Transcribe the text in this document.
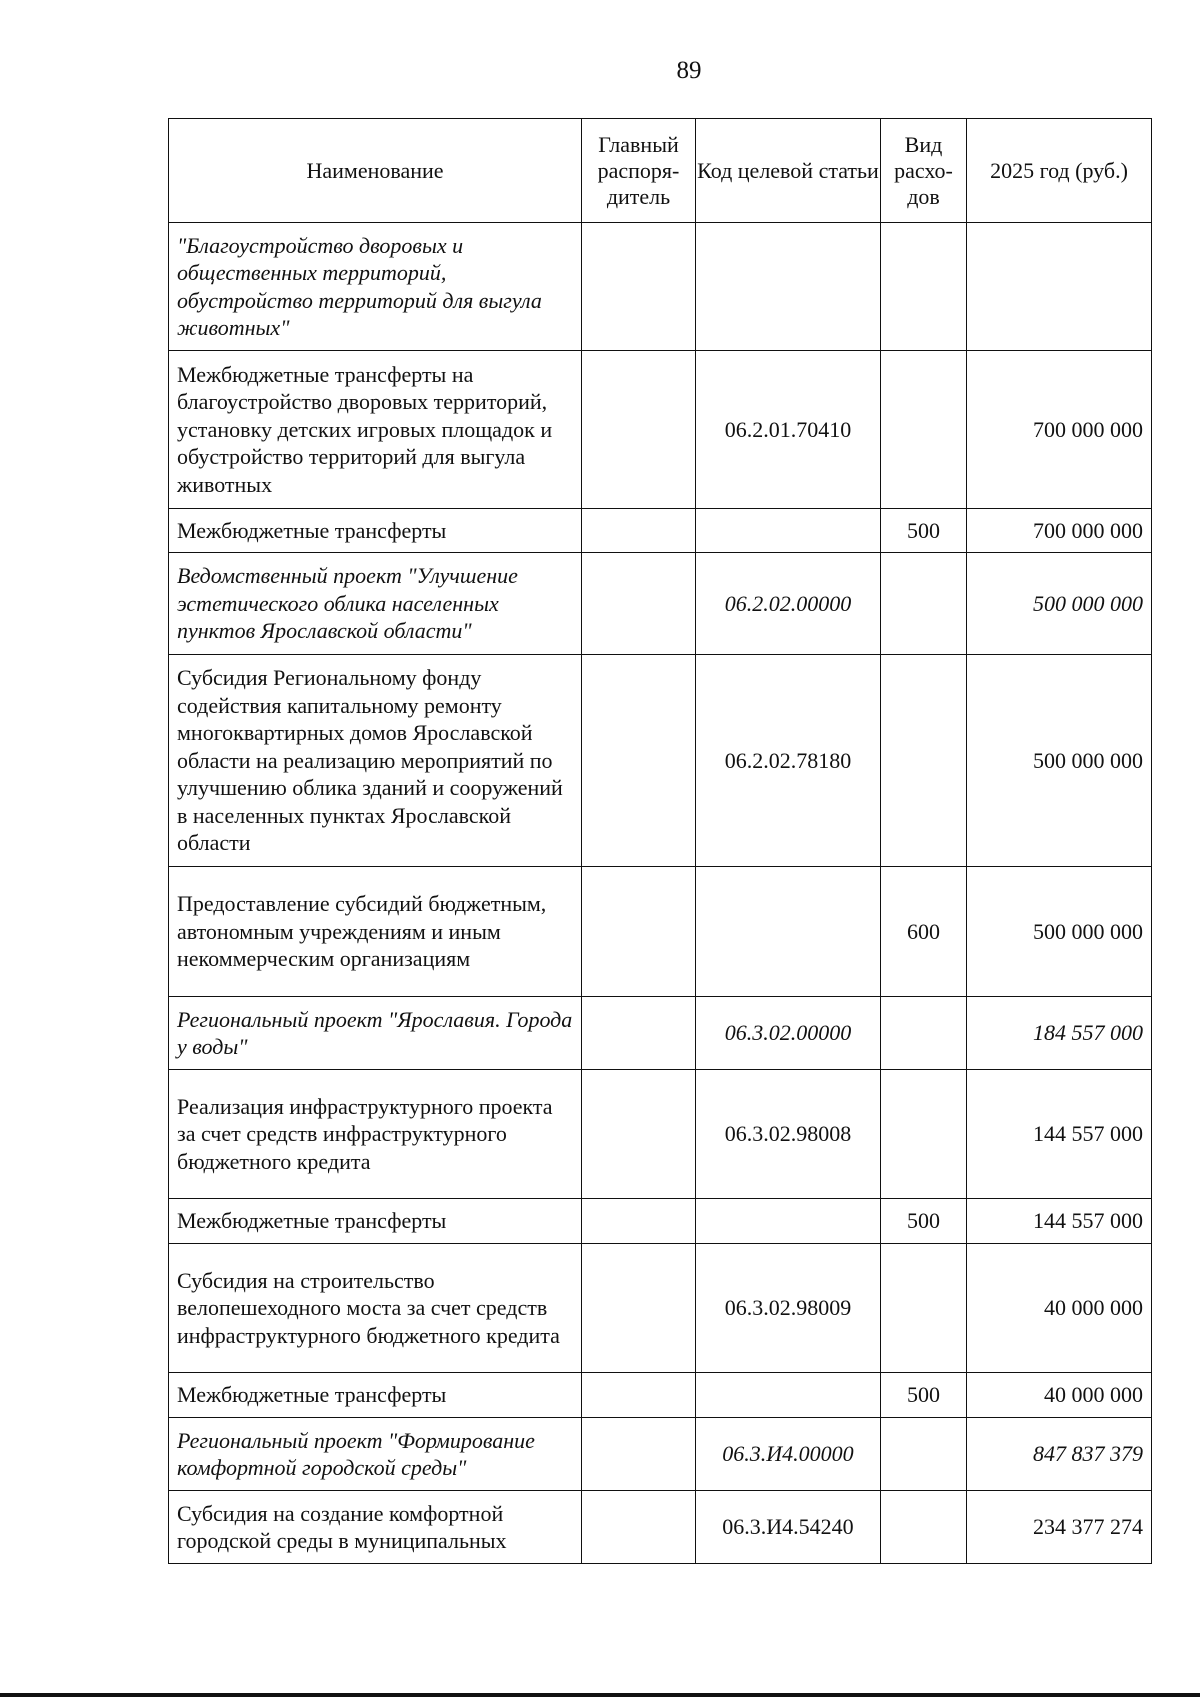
89
Наименование	Главный распоря-дитель	Код целевой статьи	Вид расхо-дов	2025 год (руб.)
"Благоустройство дворовых и общественных территорий, обустройство территорий для выгула животных"				
Межбюджетные трансферты на благоустройство дворовых территорий, установку детских игровых площадок и обустройство территорий для выгула животных		06.2.01.70410		700 000 000
Межбюджетные трансферты			500	700 000 000
Ведомственный проект "Улучшение эстетического облика населенных пунктов Ярославской области"		06.2.02.00000		500 000 000
Субсидия Региональному фонду содействия капитальному ремонту многоквартирных домов Ярославской области на реализацию мероприятий по улучшению облика зданий и сооружений в населенных пунктах Ярославской области		06.2.02.78180		500 000 000
Предоставление субсидий бюджетным, автономным учреждениям и иным некоммерческим организациям			600	500 000 000
Региональный проект "Ярославия. Города у воды"		06.3.02.00000		184 557 000
Реализация инфраструктурного проекта за счет средств инфраструктурного бюджетного кредита		06.3.02.98008		144 557 000
Межбюджетные трансферты			500	144 557 000
Субсидия на строительство велопешеходного моста за счет средств инфраструктурного бюджетного кредита		06.3.02.98009		40 000 000
Межбюджетные трансферты			500	40 000 000
Региональный проект "Формирование комфортной городской среды"		06.3.И4.00000		847 837 379
Субсидия на создание комфортной городской среды в муниципальных		06.3.И4.54240		234 377 274
